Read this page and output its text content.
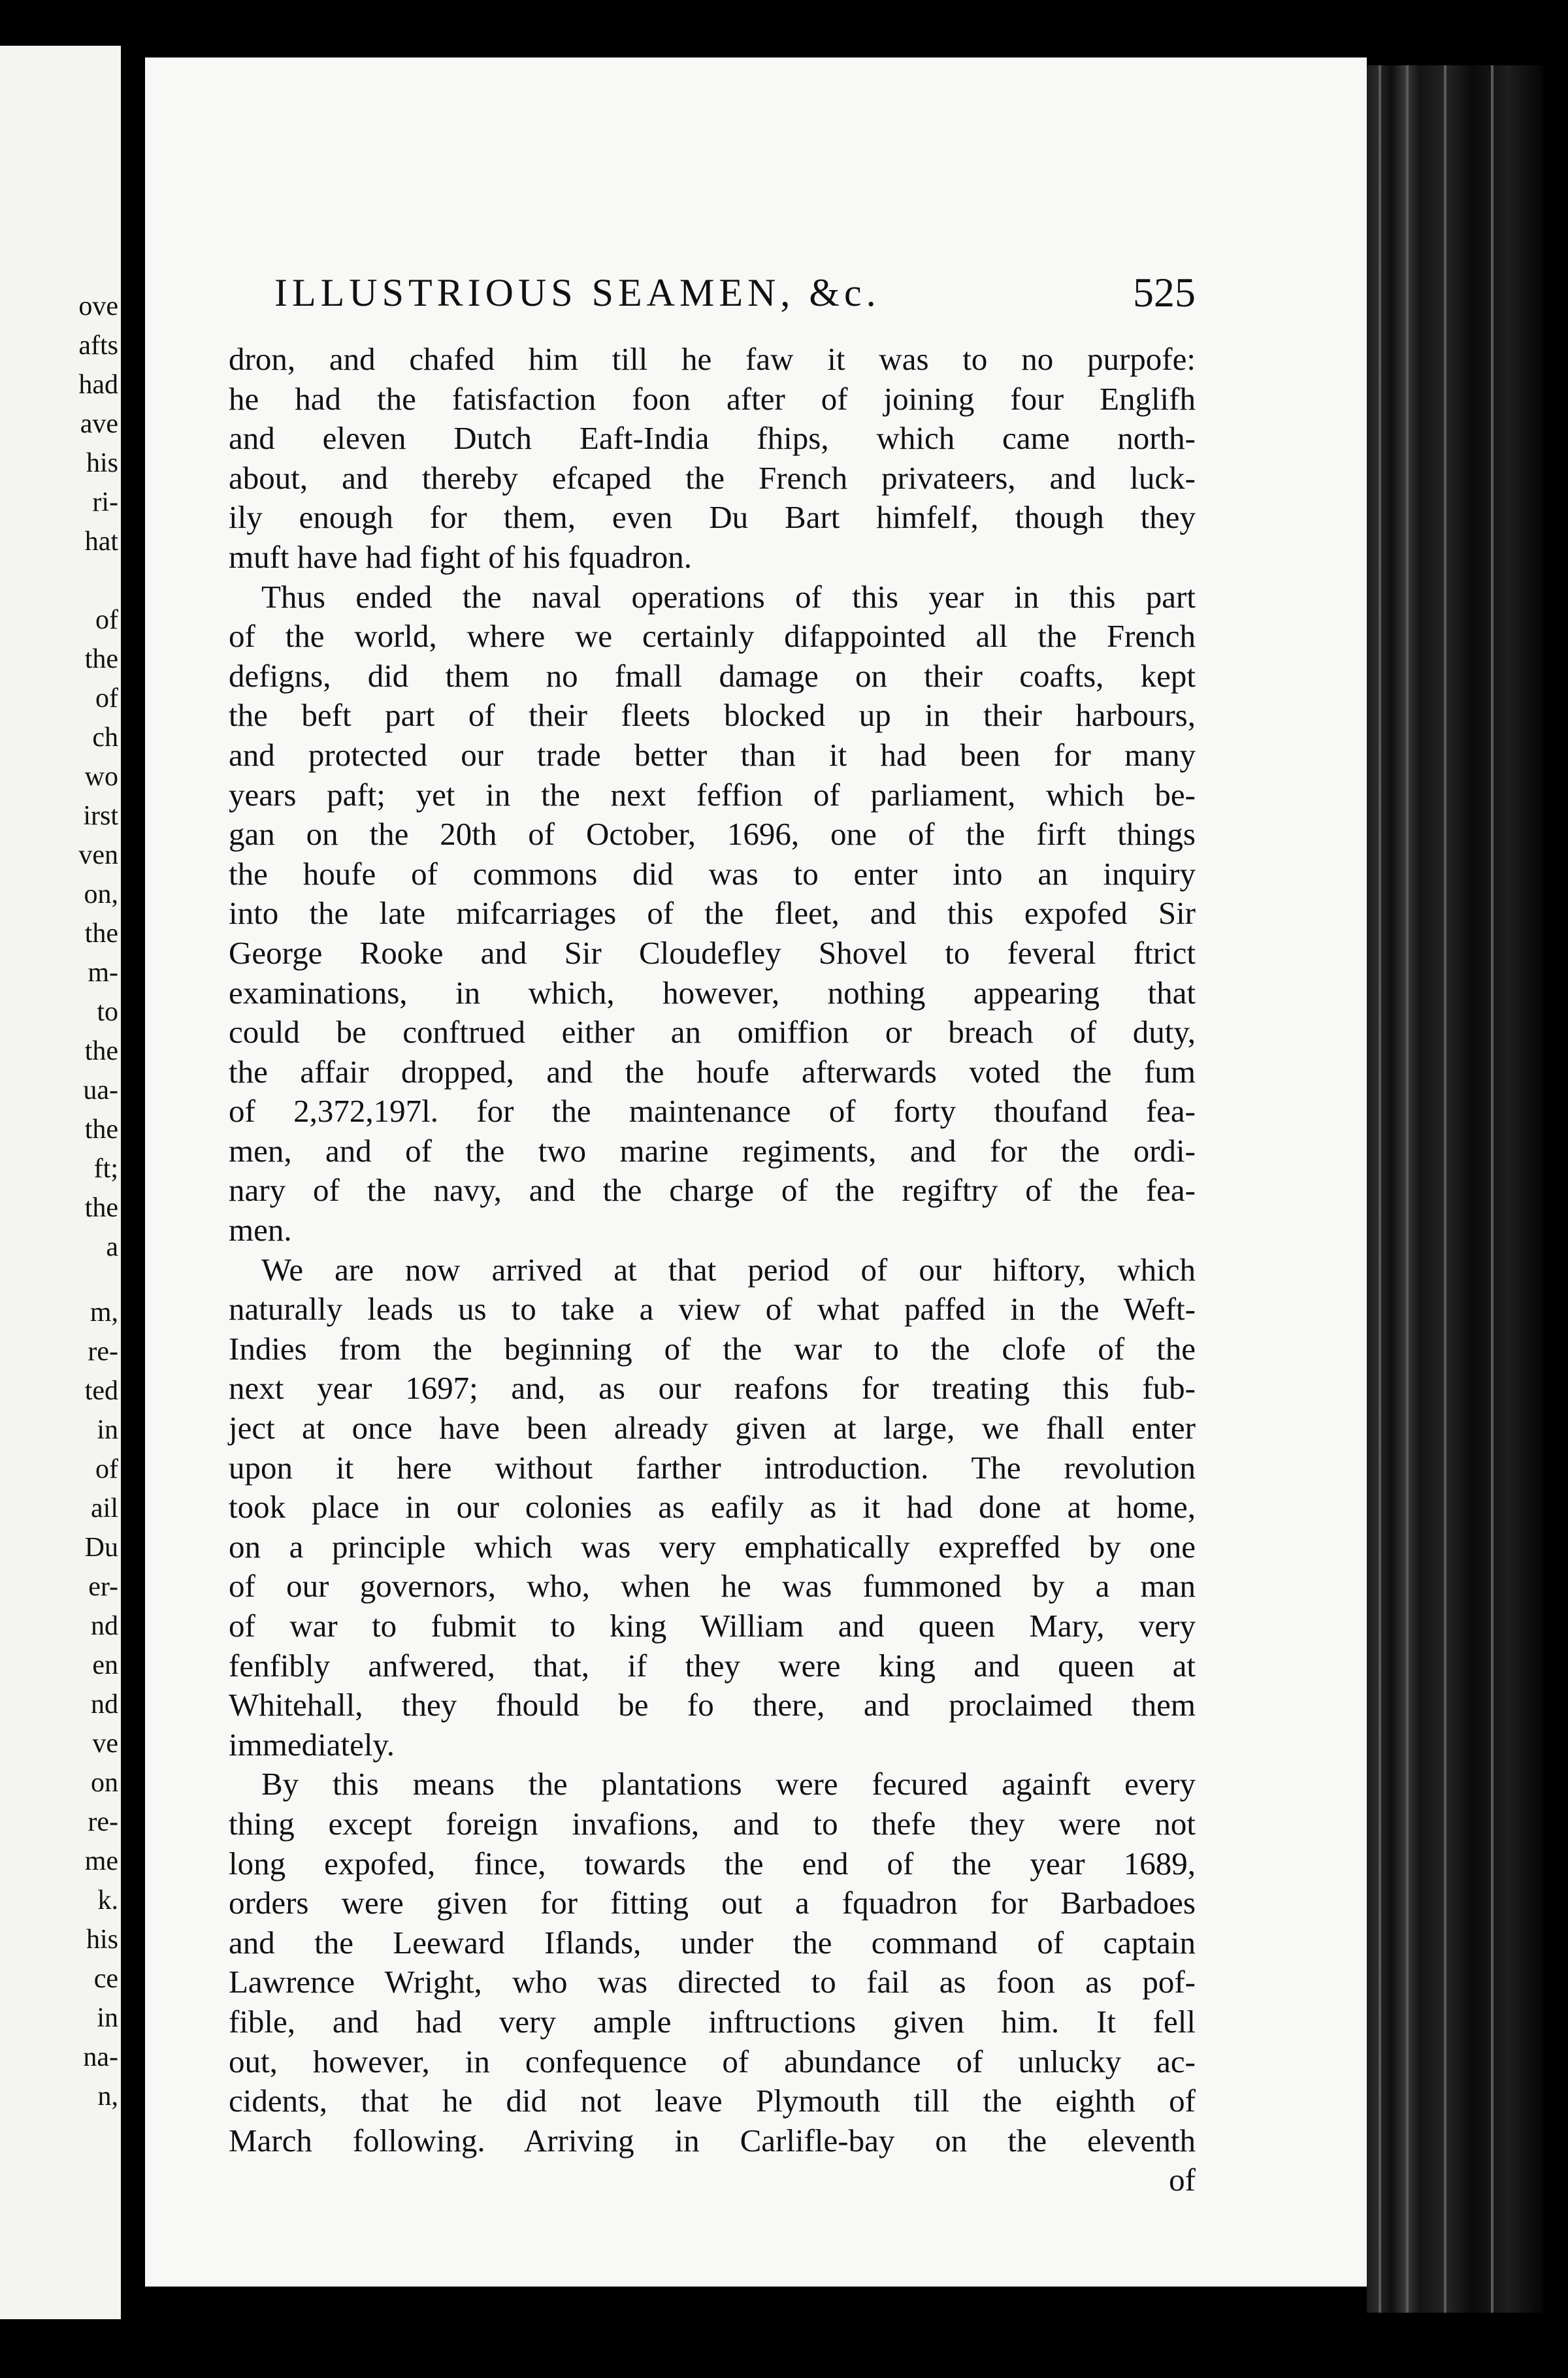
ove
afts
had
ave
his
ri-
hat
of
the
of
ch
wo
irst
ven
on,
the
m-
to
the
ua-
the
ft;
the
a
m,
re-
ted
in
of
ail
Du
er-
nd
en
nd
ve
on
re-
me
k.
his
ce
in
na-
n,
ILLUSTRIOUS SEAMEN, &c.	525
dron, and chafed him till he faw it was to no purpofe:
he had the fatisfaction foon after of joining four Englifh
and eleven Dutch Eaft-India fhips, which came north-
about, and thereby efcaped the French privateers, and luck-
ily enough for them, even Du Bart himfelf, though they
muft have had fight of his fquadron.
Thus ended the naval operations of this year in this part
of the world, where we certainly difappointed all the French
defigns, did them no fmall damage on their coafts, kept
the beft part of their fleets blocked up in their harbours,
and protected our trade better than it had been for many
years paft; yet in the next feffion of parliament, which be-
gan on the 20th of October, 1696, one of the firft things
the houfe of commons did was to enter into an inquiry
into the late mifcarriages of the fleet, and this expofed Sir
George Rooke and Sir Cloudefley Shovel to feveral ftrict
examinations, in which, however, nothing appearing that
could be conftrued either an omiffion or breach of duty,
the affair dropped, and the houfe afterwards voted the fum
of 2,372,197l. for the maintenance of forty thoufand fea-
men, and of the two marine regiments, and for the ordi-
nary of the navy, and the charge of the regiftry of the fea-
men.
We are now arrived at that period of our hiftory, which
naturally leads us to take a view of what paffed in the Weft-
Indies from the beginning of the war to the clofe of the
next year 1697; and, as our reafons for treating this fub-
ject at once have been already given at large, we fhall enter
upon it here without farther introduction. The revolution
took place in our colonies as eafily as it had done at home,
on a principle which was very emphatically expreffed by one
of our governors, who, when he was fummoned by a man
of war to fubmit to king William and queen Mary, very
fenfibly anfwered, that, if they were king and queen at
Whitehall, they fhould be fo there, and proclaimed them
immediately.
By this means the plantations were fecured againft every
thing except foreign invafions, and to thefe they were not
long expofed, fince, towards the end of the year 1689,
orders were given for fitting out a fquadron for Barbadoes
and the Leeward Iflands, under the command of captain
Lawrence Wright, who was directed to fail as foon as pof-
fible, and had very ample inftructions given him. It fell
out, however, in confequence of abundance of unlucky ac-
cidents, that he did not leave Plymouth till the eighth of
March following. Arriving in Carlifle-bay on the eleventh
of
